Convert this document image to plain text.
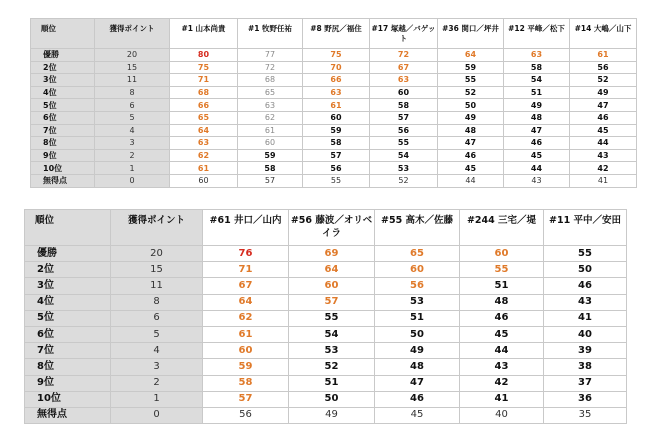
順位	獲得ポイント	#1 山本尚貴	#1 牧野任祐	#8 野尻／福住	#17 塚越／バゲット	#36 関口／坪井	#12 平峰／松下	#14 大嶋／山下
優勝	20	80	77	75	72	64	63	61
2位	15	75	72	70	67	59	58	56
3位	11	71	68	66	63	55	54	52
4位	8	68	65	63	60	52	51	49
5位	6	66	63	61	58	50	49	47
6位	5	65	62	60	57	49	48	46
7位	4	64	61	59	56	48	47	45
8位	3	63	60	58	55	47	46	44
9位	2	62	59	57	54	46	45	43
10位	1	61	58	56	53	45	44	42
無得点	0	60	57	55	52	44	43	41
順位	獲得ポイント	#61 井口／山内	#56 藤波／オリベイラ	#55 高木／佐藤	#244 三宅／堤	#11 平中／安田
優勝	20	76	69	65	60	55
2位	15	71	64	60	55	50
3位	11	67	60	56	51	46
4位	8	64	57	53	48	43
5位	6	62	55	51	46	41
6位	5	61	54	50	45	40
7位	4	60	53	49	44	39
8位	3	59	52	48	43	38
9位	2	58	51	47	42	37
10位	1	57	50	46	41	36
無得点	0	56	49	45	40	35
